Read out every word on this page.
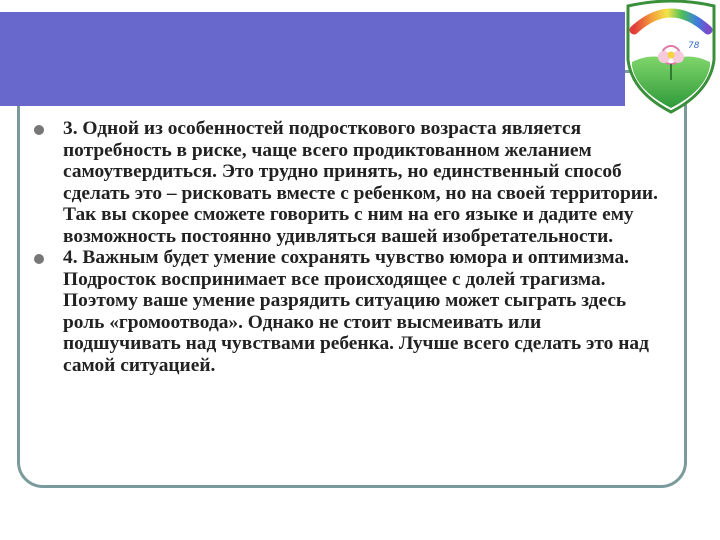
78
3. Одной из особенностей подросткового возраста является потребность в риске, чаще всего продиктованном желанием самоутвердиться. Это трудно принять, но единственный способ сделать это – рисковать вместе с ребенком, но на своей территории. Так вы скорее сможете говорить с ним на его языке и дадите ему возможность постоянно удивляться вашей изобретательности.
4. Важным будет умение сохранять чувство юмора и оптимизма. Подросток воспринимает все происходящее с долей трагизма. Поэтому ваше умение разрядить ситуацию может сыграть здесь роль «громоотвода». Однако не стоит высмеивать или подшучивать над чувствами ребенка. Лучше всего сделать это над самой ситуацией.
